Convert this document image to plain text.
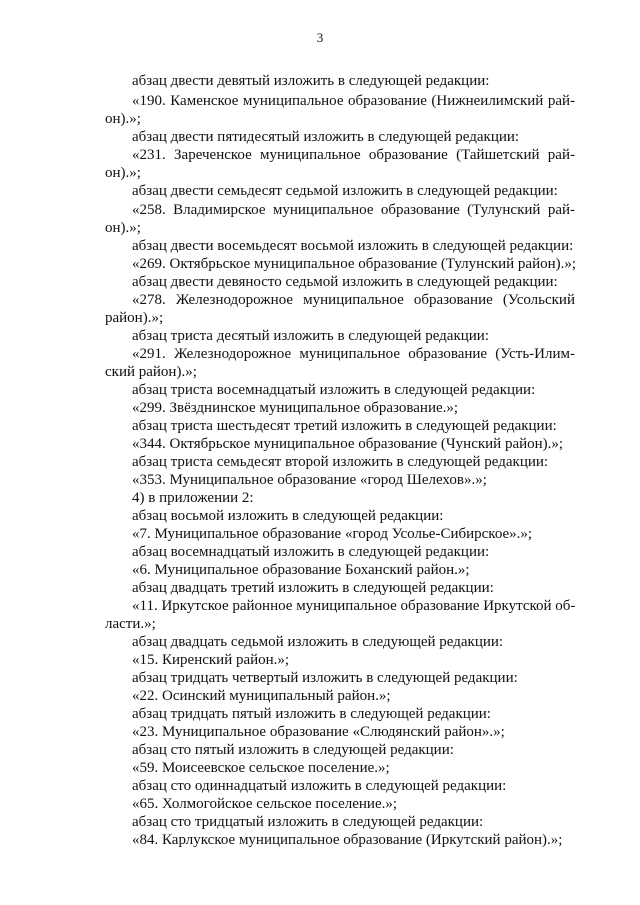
3
абзац двести девятый изложить в следующей редакции:
«190. Каменское муниципальное образование (Нижнеилимский рай-
он).»;
абзац двести пятидесятый изложить в следующей редакции:
«231. Зареченское муниципальное образование (Тайшетский рай-
он).»;
абзац двести семьдесят седьмой изложить в следующей редакции:
«258. Владимирское муниципальное образование (Тулунский рай-
он).»;
абзац двести восемьдесят восьмой изложить в следующей редакции:
«269. Октябрьское муниципальное образование (Тулунский район).»;
абзац двести девяносто седьмой изложить в следующей редакции:
«278. Железнодорожное муниципальное образование (Усольский
район).»;
абзац триста десятый изложить в следующей редакции:
«291. Железнодорожное муниципальное образование (Усть-Илим-
ский район).»;
абзац триста восемнадцатый изложить в следующей редакции:
«299. Звёзднинское муниципальное образование.»;
абзац триста шестьдесят третий изложить в следующей редакции:
«344. Октябрьское муниципальное образование (Чунский район).»;
абзац триста семьдесят второй изложить в следующей редакции:
«353. Муниципальное образование «город Шелехов».»;
4) в приложении 2:
абзац восьмой изложить в следующей редакции:
«7. Муниципальное образование «город Усолье-Сибирское».»;
абзац восемнадцатый изложить в следующей редакции:
«6. Муниципальное образование Боханский район.»;
абзац двадцать третий изложить в следующей редакции:
«11. Иркутское районное муниципальное образование Иркутской об-
ласти.»;
абзац двадцать седьмой изложить в следующей редакции:
«15. Киренский район.»;
абзац тридцать четвертый изложить в следующей редакции:
«22. Осинский муниципальный район.»;
абзац тридцать пятый изложить в следующей редакции:
«23. Муниципальное образование «Слюдянский район».»;
абзац сто пятый изложить в следующей редакции:
«59. Моисеевское сельское поселение.»;
абзац сто одиннадцатый изложить в следующей редакции:
«65. Холмогойское сельское поселение.»;
абзац сто тридцатый изложить в следующей редакции:
«84. Карлукское муниципальное образование (Иркутский район).»;
